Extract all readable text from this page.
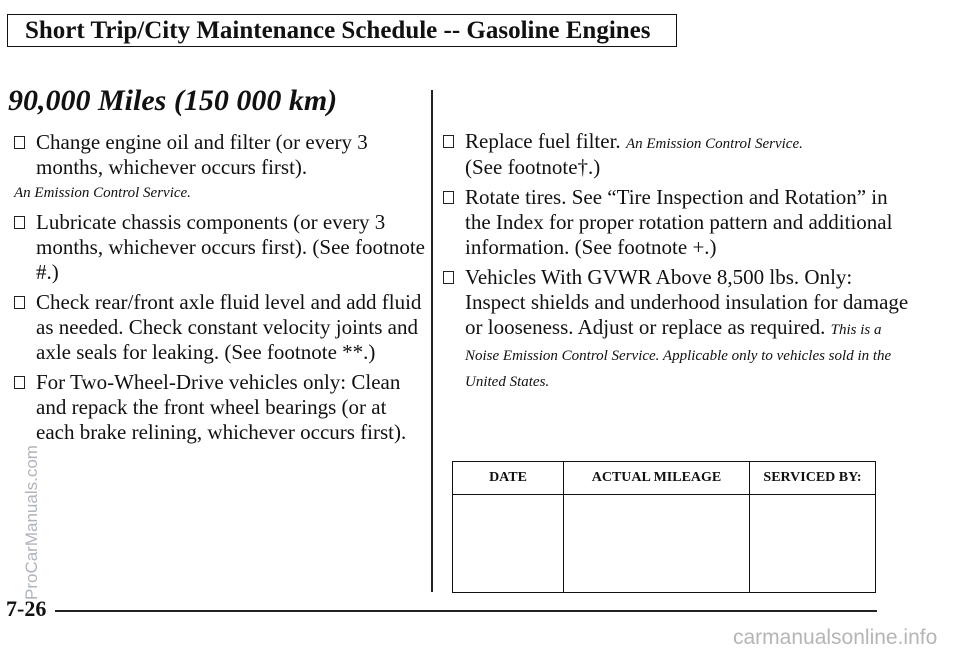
Short Trip/City Maintenance Schedule -- Gasoline Engines
90,000 Miles (150 000 km)
Change engine oil and filter (or every 3 months, whichever occurs first).
An Emission Control Service.
Lubricate chassis components (or every 3 months, whichever occurs first). (See footnote #.)
Check rear/front axle fluid level and add fluid as needed. Check constant velocity joints and axle seals for leaking. (See footnote **.)
For Two-Wheel-Drive vehicles only: Clean and repack the front wheel bearings (or at each brake relining, whichever occurs first).
Replace fuel filter. An Emission Control Service.
(See footnote†.)
Rotate tires. See “Tire Inspection and Rotation” in the Index for proper rotation pattern and additional information. (See footnote +.)
Vehicles With GVWR Above 8,500 lbs. Only: Inspect shields and underhood insulation for damage or looseness. Adjust or replace as required. This is a Noise Emission Control Service. Applicable only to vehicles sold in the United States.
DATE	ACTUAL MILEAGE	SERVICED BY:
7-26
ProCarManuals.com
carmanualsonline.info
